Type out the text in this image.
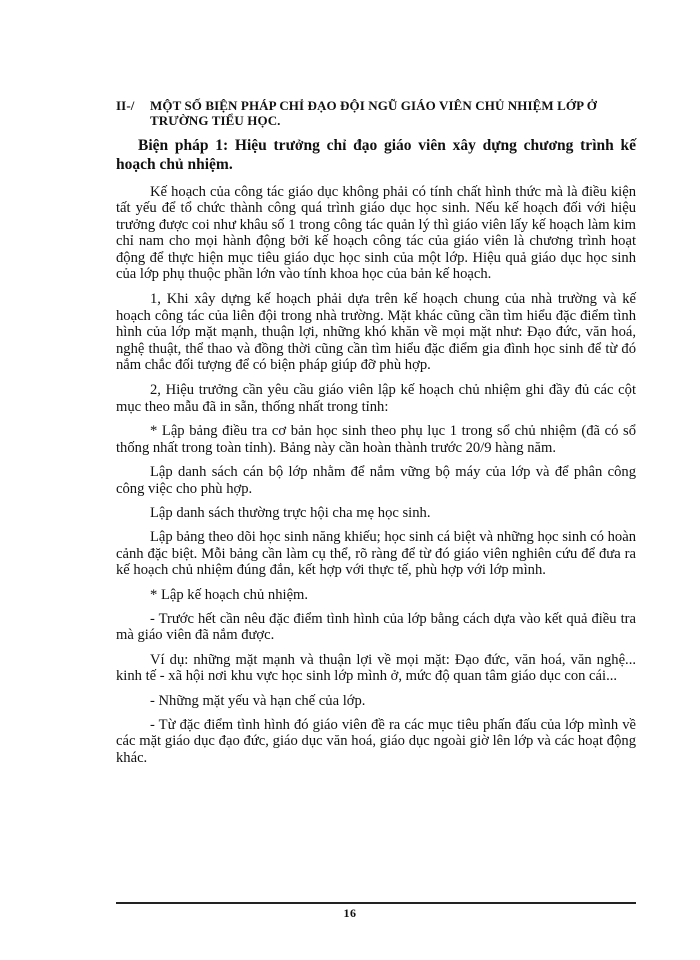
II-/	MỘT SỐ BIỆN PHÁP CHỈ ĐẠO ĐỘI NGŨ GIÁO VIÊN CHỦ NHIỆM LỚP Ở TRƯỜNG TIỂU HỌC.
Biện pháp 1: Hiệu trưởng chỉ đạo giáo viên xây dựng chương trình kế hoạch chủ nhiệm.

Kế hoạch của công tác giáo dục không phải có tính chất hình thức mà là điều kiện tất yếu để tổ chức thành công quá trình giáo dục học sinh. Nếu kế hoạch đối với hiệu trưởng được coi như khâu số 1 trong công tác quản lý thì giáo viên lấy kế hoạch làm kim chỉ nam cho mọi hành động bởi kế hoạch công tác của giáo viên là chương trình hoạt động để thực hiện mục tiêu giáo dục học sinh của một lớp. Hiệu quả giáo dục học sinh của lớp phụ thuộc phần lớn vào tính khoa học của bản kế hoạch.

1, Khi xây dựng kế hoạch phải dựa trên kế hoạch chung của nhà trường và kế hoạch công tác của liên đội trong nhà trường. Mặt khác cũng cần tìm hiểu đặc điểm tình hình của lớp mặt mạnh, thuận lợi, những khó khăn về mọi mặt như: Đạo đức, văn hoá, nghệ thuật, thể thao và đồng thời cũng cần tìm hiểu đặc điểm gia đình học sinh để từ đó nắm chắc đối tượng để có biện pháp giúp đỡ phù hợp.

2, Hiệu trưởng cần yêu cầu giáo viên lập kế hoạch chủ nhiệm ghi đầy đủ các cột mục theo mẫu đã in sẵn, thống nhất trong tỉnh:

* Lập bảng điều tra cơ bản học sinh theo phụ lục 1 trong sổ chủ nhiệm (đã có sổ thống nhất trong toàn tỉnh). Bảng này cần hoàn thành trước 20/9 hàng năm.

Lập danh sách cán bộ lớp nhằm để nắm vững bộ máy của lớp và để phân công công việc cho phù hợp.

Lập danh sách thường trực hội cha mẹ học sinh.

Lập bảng theo dõi học sinh năng khiếu; học sinh cá biệt và những học sinh có hoàn cảnh đặc biệt. Mỗi bảng cần làm cụ thể, rõ ràng để từ đó giáo viên nghiên cứu để đưa ra kế hoạch chủ nhiệm đúng đắn, kết hợp với thực tế, phù hợp với lớp mình.

* Lập kế hoạch chủ nhiệm.

- Trước hết cần nêu đặc điểm tình hình của lớp bằng cách dựa vào kết quả điều tra mà giáo viên đã nắm được.

Ví dụ: những mặt mạnh và thuận lợi về mọi mặt: Đạo đức, văn hoá, văn nghệ... kinh tế - xã hội nơi khu vực học sinh lớp mình ở, mức độ quan tâm giáo dục con cái...

- Những mặt yếu và hạn chế của lớp.

- Từ đặc điểm tình hình đó giáo viên đề ra các mục tiêu phấn đấu của lớp mình về các mặt giáo dục đạo đức, giáo dục văn hoá, giáo dục ngoài giờ lên lớp và các hoạt động khác.

16
